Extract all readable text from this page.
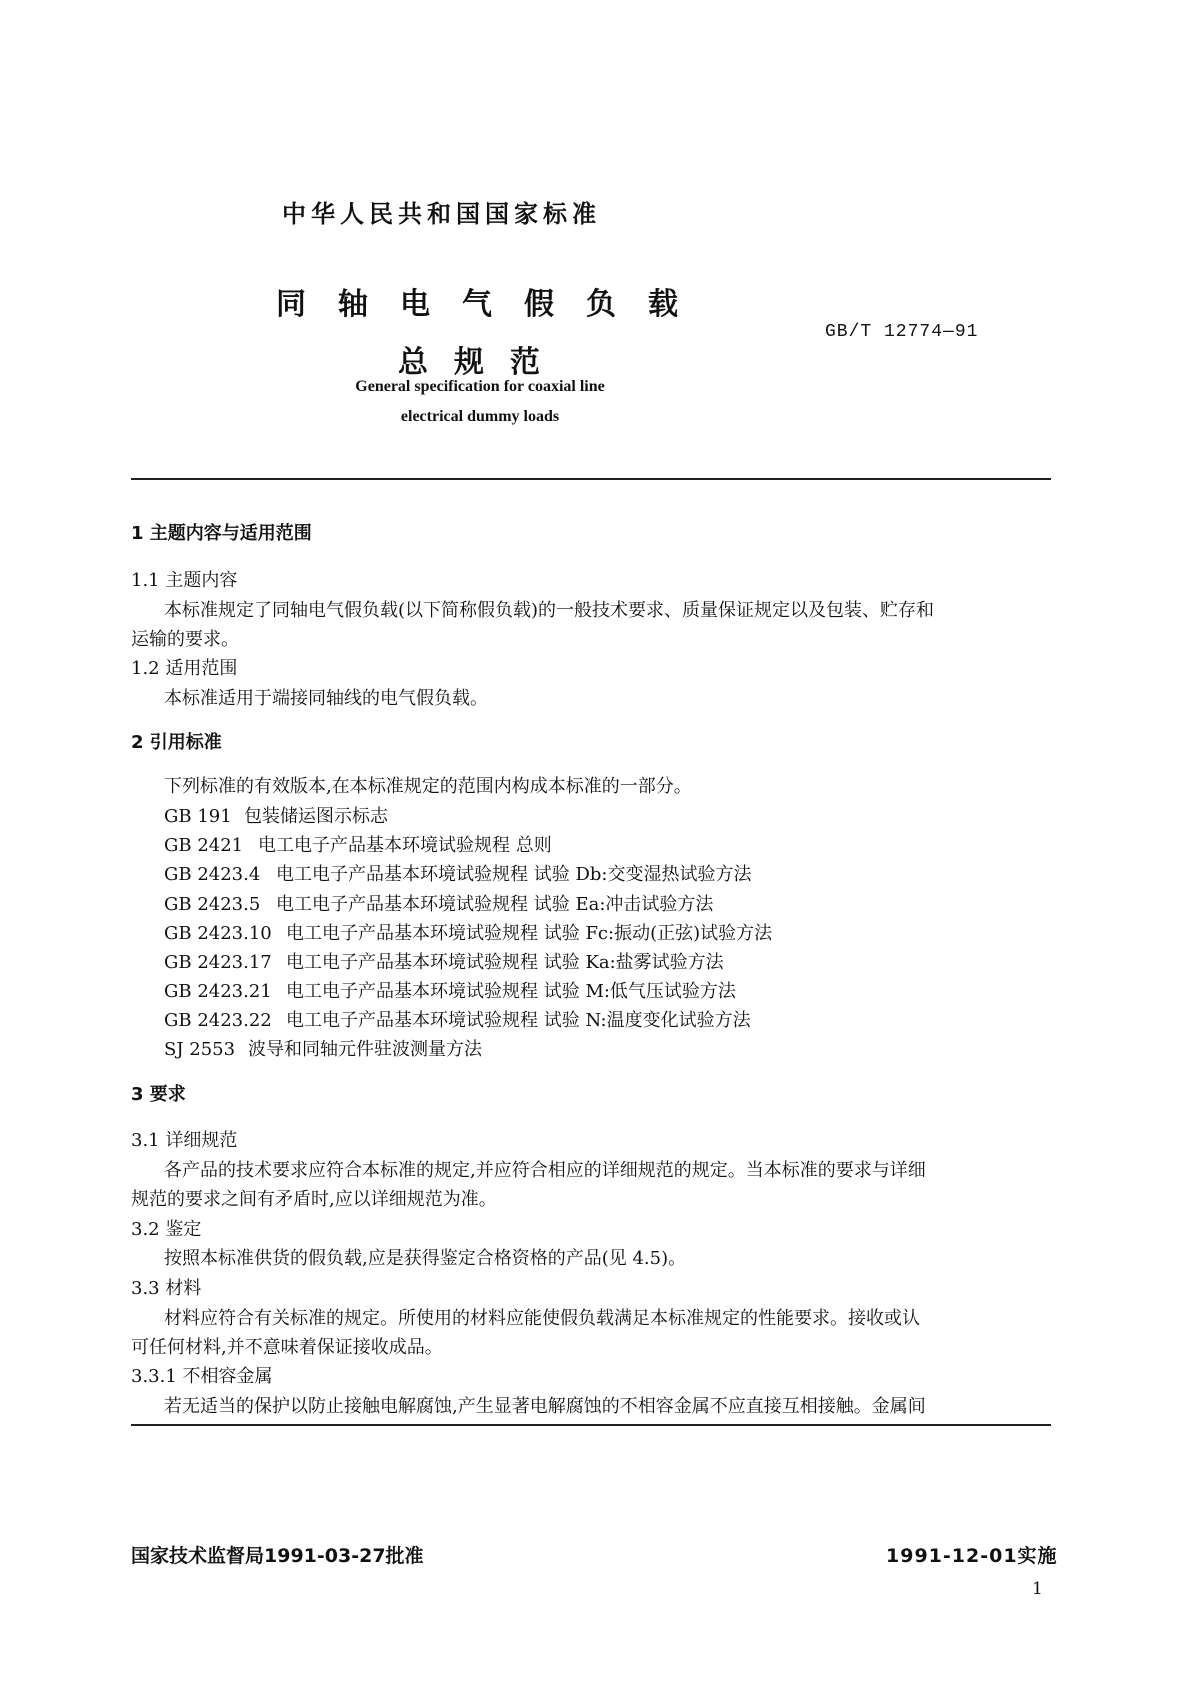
中华人民共和国国家标准
同轴电气假负载
总规范
GB/T 12774—91
General specification for coaxial line
electrical dummy loads
1 主题内容与适用范围
1.1 主题内容
本标准规定了同轴电气假负载(以下简称假负载)的一般技术要求、质量保证规定以及包装、贮存和
运输的要求。
1.2 适用范围
本标准适用于端接同轴线的电气假负载。
2 引用标准
下列标准的有效版本,在本标准规定的范围内构成本标准的一部分。
GB 191 包装储运图示标志
GB 2421 电工电子产品基本环境试验规程 总则
GB 2423.4 电工电子产品基本环境试验规程 试验 Db:交变湿热试验方法
GB 2423.5 电工电子产品基本环境试验规程 试验 Ea:冲击试验方法
GB 2423.10 电工电子产品基本环境试验规程 试验 Fc:振动(正弦)试验方法
GB 2423.17 电工电子产品基本环境试验规程 试验 Ka:盐雾试验方法
GB 2423.21 电工电子产品基本环境试验规程 试验 M:低气压试验方法
GB 2423.22 电工电子产品基本环境试验规程 试验 N:温度变化试验方法
SJ 2553 波导和同轴元件驻波测量方法
3 要求
3.1 详细规范
各产品的技术要求应符合本标准的规定,并应符合相应的详细规范的规定。当本标准的要求与详细
规范的要求之间有矛盾时,应以详细规范为准。
3.2 鉴定
按照本标准供货的假负载,应是获得鉴定合格资格的产品(见 4.5)。
3.3 材料
材料应符合有关标准的规定。所使用的材料应能使假负载满足本标准规定的性能要求。接收或认
可任何材料,并不意味着保证接收成品。
3.3.1 不相容金属
若无适当的保护以防止接触电解腐蚀,产生显著电解腐蚀的不相容金属不应直接互相接触。金属间
国家技术监督局1991-03-27批准	1991-12-01实施
1
